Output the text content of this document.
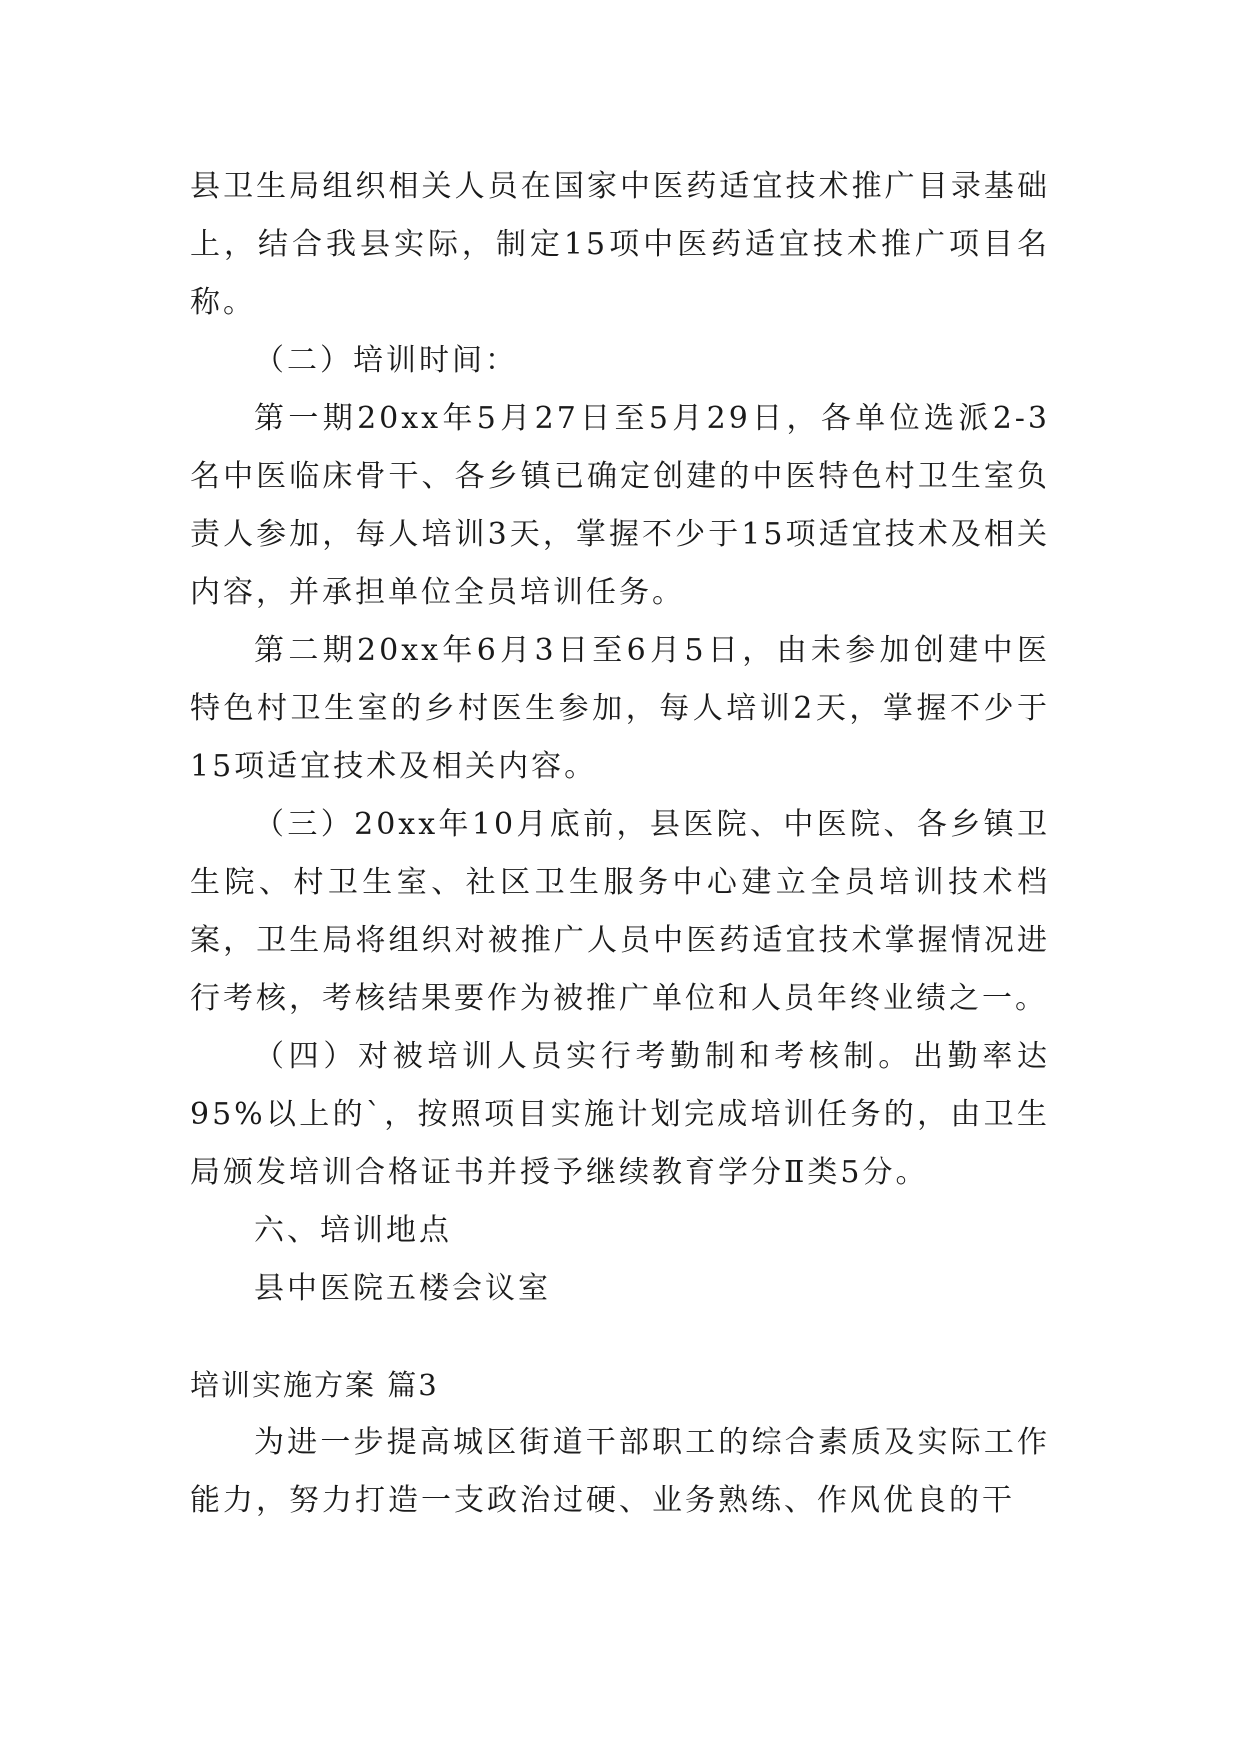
县卫生局组织相关人员在国家中医药适宜技术推广目录基础上，结合我县实际，制定15项中医药适宜技术推广项目名称。

（二）培训时间：

第一期20xx年5月27日至5月29日，各单位选派2-3名中医临床骨干、各乡镇已确定创建的中医特色村卫生室负责人参加，每人培训3天，掌握不少于15项适宜技术及相关内容，并承担单位全员培训任务。

第二期20xx年6月3日至6月5日，由未参加创建中医特色村卫生室的乡村医生参加，每人培训2天，掌握不少于15项适宜技术及相关内容。

（三）20xx年10月底前，县医院、中医院、各乡镇卫生院、村卫生室、社区卫生服务中心建立全员培训技术档案，卫生局将组织对被推广人员中医药适宜技术掌握情况进行考核，考核结果要作为被推广单位和人员年终业绩之一。

（四）对被培训人员实行考勤制和考核制。出勤率达95%以上的`，按照项目实施计划完成培训任务的，由卫生局颁发培训合格证书并授予继续教育学分Ⅱ类5分。

六、培训地点

县中医院五楼会议室

培训实施方案 篇3

为进一步提高城区街道干部职工的综合素质及实际工作能力，努力打造一支政治过硬、业务熟练、作风优良的干
